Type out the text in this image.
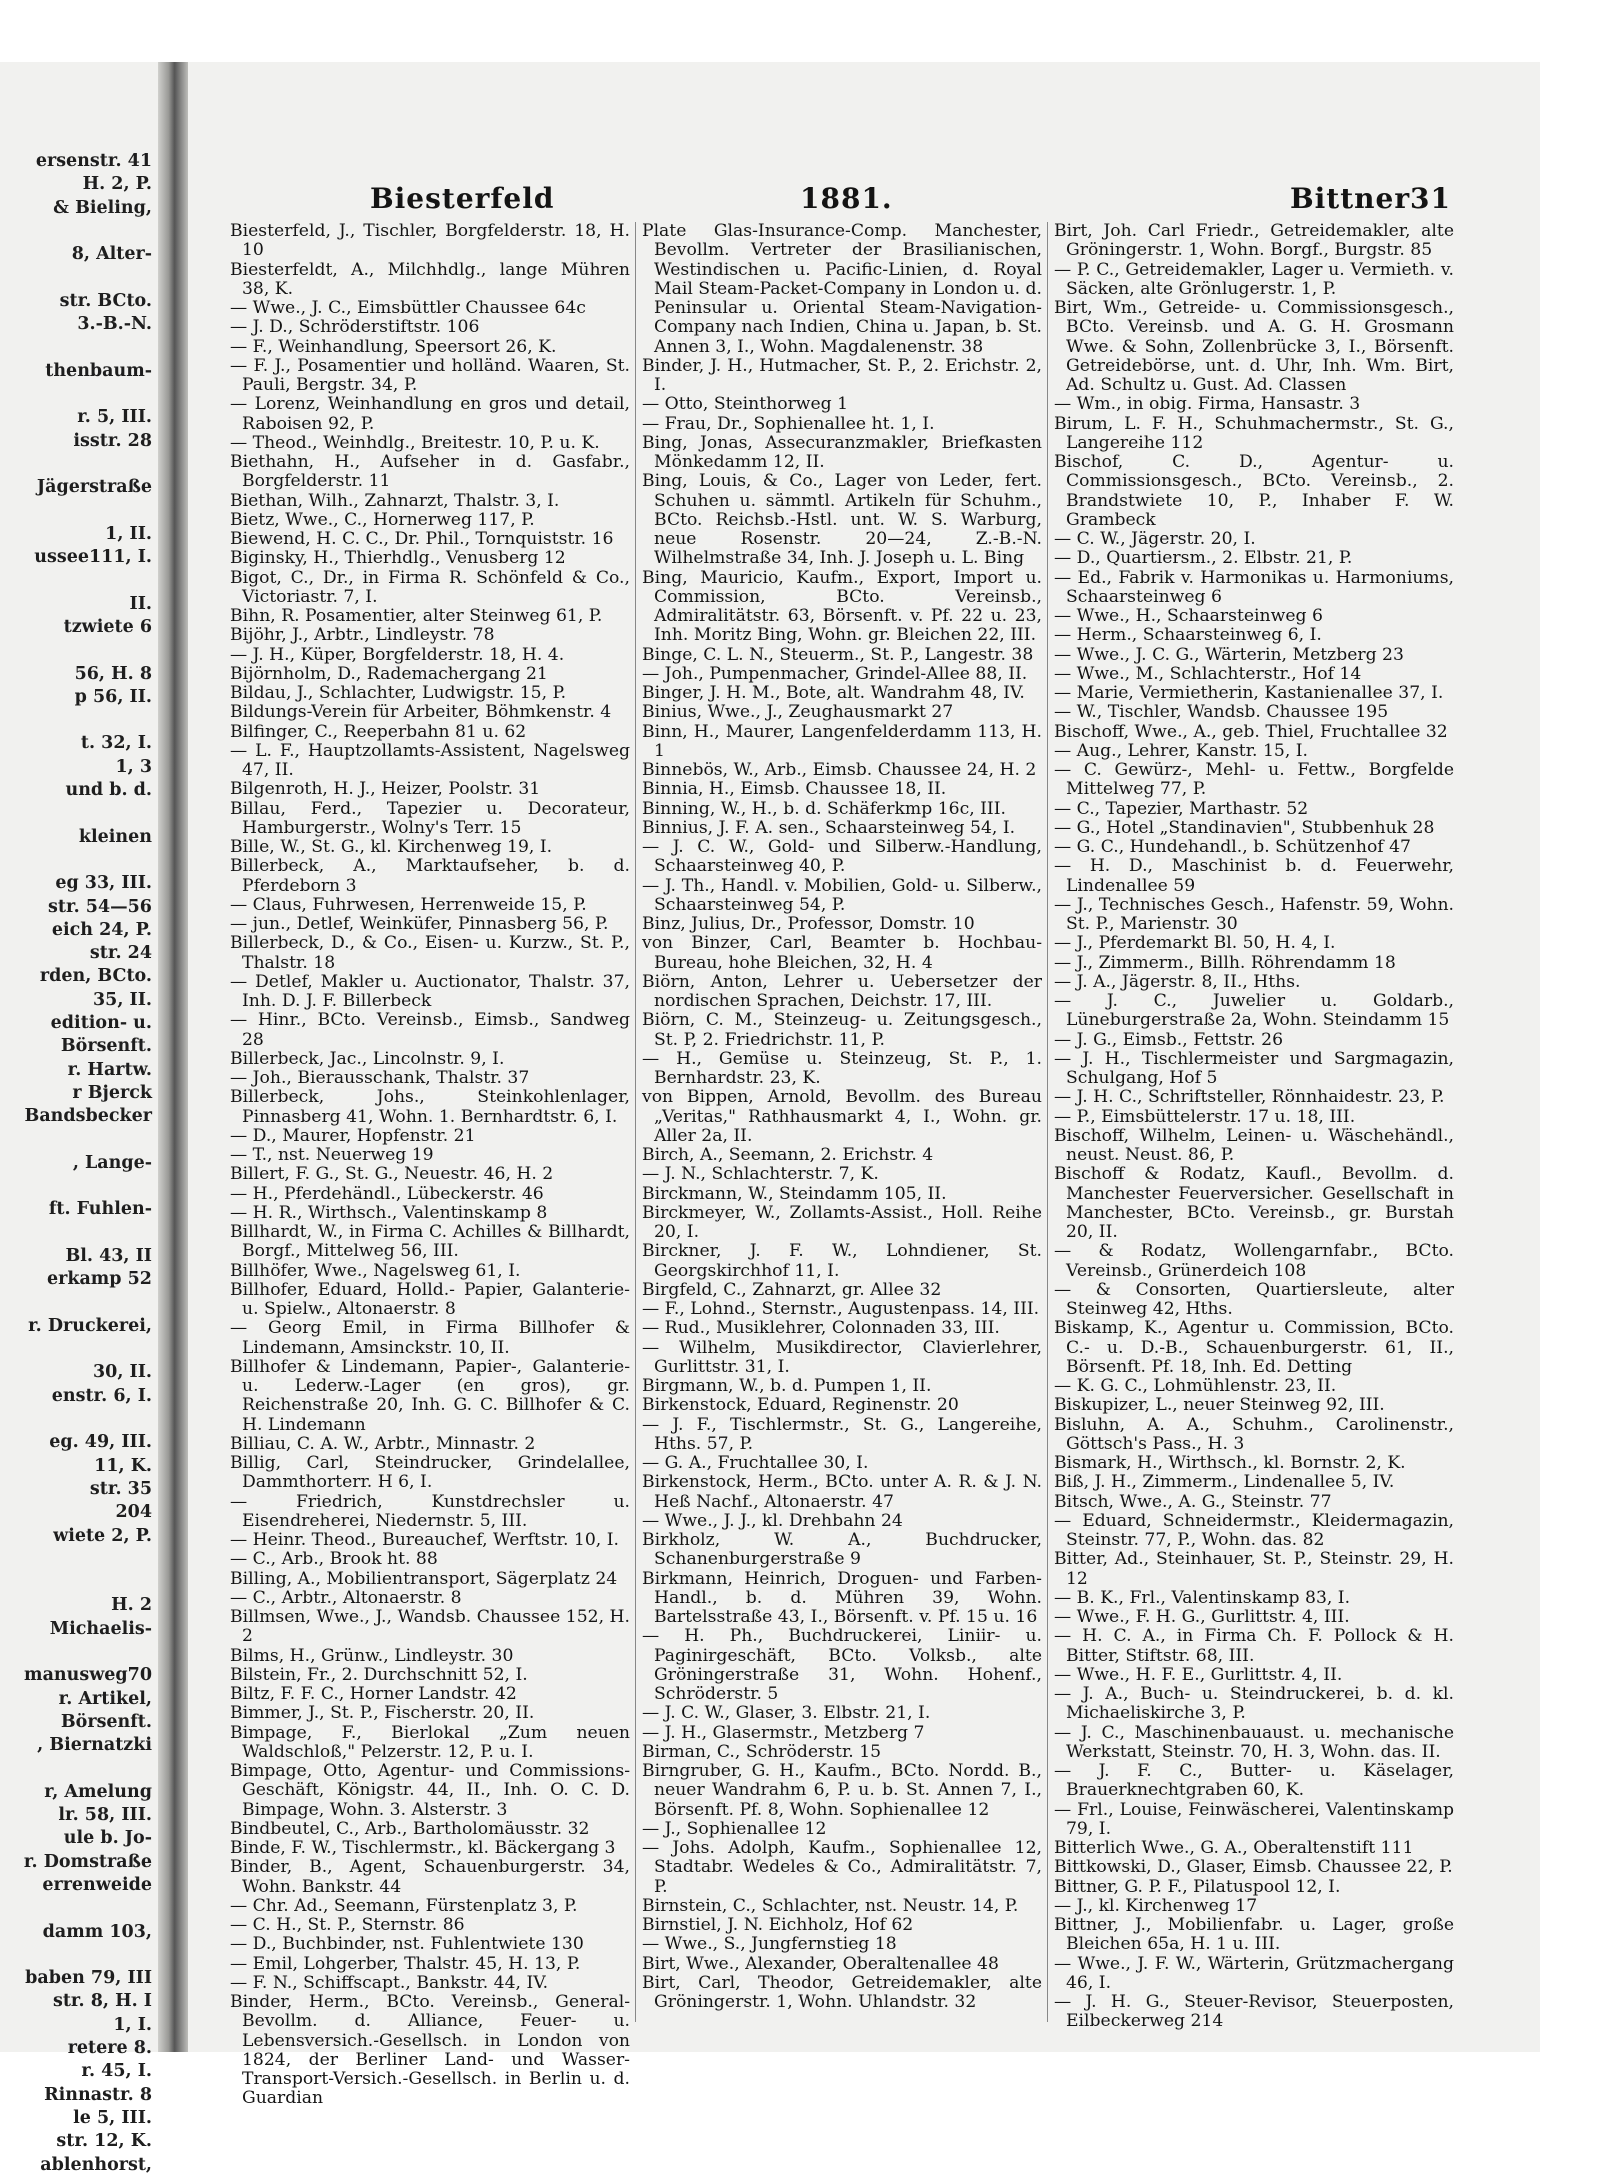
ersenstr. 41
H. 2, P.
& Bieling,
8, Alter-
str. BCto.
3.-B.-N.
thenbaum-
r. 5, III.
isstr. 28
Jägerstraße
1, II.
ussee111, I.
II.
tzwiete 6
56, H. 8
p 56, II.
t. 32, I.
1, 3
und b. d.
kleinen
eg 33, III.
str. 54—56
eich 24, P.
str. 24
rden, BCto.
35, II.
edition- u.
Börsenft.
r. Hartw.
r Bjerck
Bandsbecker
, Lange-
ft. Fuhlen-
Bl. 43, II
erkamp 52
r. Druckerei,
30, II.
enstr. 6, I.
eg. 49, III.
11, K.
str. 35
204
wiete 2, P.
H. 2
Michaelis-
manusweg70
r. Artikel,
Börsenft.
, Biernatzki
r, Amelung
lr. 58, III.
ule b. Jo-
r. Domstraße
errenweide
damm 103,
baben 79, III
str. 8, H. I
1, I.
retere 8.
r. 45, I.
Rinnastr. 8
le 5, III.
str. 12, K.
ablenhorst,
Biesterfeld	1881.	Bittner 31
Biesterfeld, J., Tischler, Borgfelderstr. 18, H. 10
Biesterfeldt, A., Milchhdlg., lange Mühren 38, K.
— Wwe., J. C., Eimsbüttler Chaussee 64c
— J. D., Schröderstiftstr. 106
— F., Weinhandlung, Speersort 26, K.
— F. J., Posamentier und holländ. Waaren, St. Pauli, Bergstr. 34, P.
— Lorenz, Weinhandlung en gros und detail, Raboisen 92, P.
— Theod., Weinhdlg., Breitestr. 10, P. u. K.
Biethahn, H., Aufseher in d. Gasfabr., Borgfelderstr. 11
Biethan, Wilh., Zahnarzt, Thalstr. 3, I.
Bietz, Wwe., C., Hornerweg 117, P.
Biewend, H. C. C., Dr. Phil., Tornquiststr. 16
Biginsky, H., Thierhdlg., Venusberg 12
Bigot, C., Dr., in Firma R. Schönfeld & Co., Victoriastr. 7, I.
Bihn, R. Posamentier, alter Steinweg 61, P.
Bijöhr, J., Arbtr., Lindleystr. 78
— J. H., Küper, Borgfelderstr. 18, H. 4.
Bijörnholm, D., Rademachergang 21
Bildau, J., Schlachter, Ludwigstr. 15, P.
Bildungs-Verein für Arbeiter, Böhmkenstr. 4
Bilfinger, C., Reeperbahn 81 u. 62
— L. F., Hauptzollamts-Assistent, Nagelsweg 47, II.
Bilgenroth, H. J., Heizer, Poolstr. 31
Billau, Ferd., Tapezier u. Decorateur, Hamburgerstr., Wolny's Terr. 15
Bille, W., St. G., kl. Kirchenweg 19, I.
Billerbeck, A., Marktaufseher, b. d. Pferdeborn 3
— Claus, Fuhrwesen, Herrenweide 15, P.
— jun., Detlef, Weinküfer, Pinnasberg 56, P.
Billerbeck, D., & Co., Eisen- u. Kurzw., St. P., Thalstr. 18
— Detlef, Makler u. Auctionator, Thalstr. 37, Inh. D. J. F. Billerbeck
— Hinr., BCto. Vereinsb., Eimsb., Sandweg 28
Billerbeck, Jac., Lincolnstr. 9, I.
— Joh., Bierausschank, Thalstr. 37
Billerbeck, Johs., Steinkohlenlager, Pinnasberg 41, Wohn. 1. Bernhardtstr. 6, I.
— D., Maurer, Hopfenstr. 21
— T., nst. Neuerweg 19
Billert, F. G., St. G., Neuestr. 46, H. 2
— H., Pferdehändl., Lübeckerstr. 46
— H. R., Wirthsch., Valentinskamp 8
Billhardt, W., in Firma C. Achilles & Billhardt, Borgf., Mittelweg 56, III.
Billhöfer, Wwe., Nagelsweg 61, I.
Billhofer, Eduard, Holld.- Papier, Galanterie- u. Spielw., Altonaerstr. 8
— Georg Emil, in Firma Billhofer & Lindemann, Amsinckstr. 10, II.
Billhofer & Lindemann, Papier-, Galanterie- u. Lederw.-Lager (en gros), gr. Reichenstraße 20, Inh. G. C. Billhofer & C. H. Lindemann
Billiau, C. A. W., Arbtr., Minnastr. 2
Billig, Carl, Steindrucker, Grindelallee, Dammthorterr. H 6, I.
— Friedrich, Kunstdrechsler u. Eisendreherei, Niedernstr. 5, III.
— Heinr. Theod., Bureauchef, Werftstr. 10, I.
— C., Arb., Brook ht. 88
Billing, A., Mobilientransport, Sägerplatz 24
— C., Arbtr., Altonaerstr. 8
Billmsen, Wwe., J., Wandsb. Chaussee 152, H. 2
Bilms, H., Grünw., Lindleystr. 30
Bilstein, Fr., 2. Durchschnitt 52, I.
Biltz, F. F. C., Horner Landstr. 42
Bimmer, J., St. P., Fischerstr. 20, II.
Bimpage, F., Bierlokal „Zum neuen Waldschloß," Pelzerstr. 12, P. u. I.
Bimpage, Otto, Agentur- und Commissions-Geschäft, Königstr. 44, II., Inh. O. C. D. Bimpage, Wohn. 3. Alsterstr. 3
Bindbeutel, C., Arb., Bartholomäusstr. 32
Binde, F. W., Tischlermstr., kl. Bäckergang 3
Binder, B., Agent, Schauenburgerstr. 34, Wohn. Bankstr. 44
— Chr. Ad., Seemann, Fürstenplatz 3, P.
— C. H., St. P., Sternstr. 86
— D., Buchbinder, nst. Fuhlentwiete 130
— Emil, Lohgerber, Thalstr. 45, H. 13, P.
— F. N., Schiffscapt., Bankstr. 44, IV.
Binder, Herm., BCto. Vereinsb., General-Bevollm. d. Alliance, Feuer- u. Lebensversich.-Gesellsch. in London von 1824, der Berliner Land- und Wasser-Transport-Versich.-Gesellsch. in Berlin u. d. Guardian
Plate Glas-Insurance-Comp. Manchester, Bevollm. Vertreter der Brasilianischen, Westindischen u. Pacific-Linien, d. Royal Mail Steam-Packet-Company in London u. d. Peninsular u. Oriental Steam-Navigation-Company nach Indien, China u. Japan, b. St. Annen 3, I., Wohn. Magdalenenstr. 38
Binder, J. H., Hutmacher, St. P., 2. Erichstr. 2, I.
— Otto, Steinthorweg 1
— Frau, Dr., Sophienallee ht. 1, I.
Bing, Jonas, Assecuranzmakler, Briefkasten Mönkedamm 12, II.
Bing, Louis, & Co., Lager von Leder, fert. Schuhen u. sämmtl. Artikeln für Schuhm., BCto. Reichsb.-Hstl. unt. W. S. Warburg, neue Rosenstr. 20—24, Z.-B.-N. Wilhelmstraße 34, Inh. J. Joseph u. L. Bing
Bing, Mauricio, Kaufm., Export, Import u. Commission, BCto. Vereinsb., Admiralitätstr. 63, Börsenft. v. Pf. 22 u. 23, Inh. Moritz Bing, Wohn. gr. Bleichen 22, III.
Binge, C. L. N., Steuerm., St. P., Langestr. 38
— Joh., Pumpenmacher, Grindel-Allee 88, II.
Binger, J. H. M., Bote, alt. Wandrahm 48, IV.
Binius, Wwe., J., Zeughausmarkt 27
Binn, H., Maurer, Langenfelderdamm 113, H. 1
Binnebös, W., Arb., Eimsb. Chaussee 24, H. 2
Binnia, H., Eimsb. Chaussee 18, II.
Binning, W., H., b. d. Schäferkmp 16c, III.
Binnius, J. F. A. sen., Schaarsteinweg 54, I.
— J. C. W., Gold- und Silberw.-Handlung, Schaarsteinweg 40, P.
— J. Th., Handl. v. Mobilien, Gold- u. Silberw., Schaarsteinweg 54, P.
Binz, Julius, Dr., Professor, Domstr. 10
von Binzer, Carl, Beamter b. Hochbau-Bureau, hohe Bleichen, 32, H. 4
Biörn, Anton, Lehrer u. Uebersetzer der nordischen Sprachen, Deichstr. 17, III.
Biörn, C. M., Steinzeug- u. Zeitungsgesch., St. P, 2. Friedrichstr. 11, P.
— H., Gemüse u. Steinzeug, St. P., 1. Bernhardstr. 23, K.
von Bippen, Arnold, Bevollm. des Bureau „Veritas," Rathhausmarkt 4, I., Wohn. gr. Aller 2a, II.
Birch, A., Seemann, 2. Erichstr. 4
— J. N., Schlachterstr. 7, K.
Birckmann, W., Steindamm 105, II.
Birckmeyer, W., Zollamts-Assist., Holl. Reihe 20, I.
Birckner, J. F. W., Lohndiener, St. Georgskirchhof 11, I.
Birgfeld, C., Zahnarzt, gr. Allee 32
— F., Lohnd., Sternstr., Augustenpass. 14, III.
— Rud., Musiklehrer, Colonnaden 33, III.
— Wilhelm, Musikdirector, Clavierlehrer, Gurlittstr. 31, I.
Birgmann, W., b. d. Pumpen 1, II.
Birkenstock, Eduard, Reginenstr. 20
— J. F., Tischlermstr., St. G., Langereihe, Hths. 57, P.
— G. A., Fruchtallee 30, I.
Birkenstock, Herm., BCto. unter A. R. & J. N. Heß Nachf., Altonaerstr. 47
— Wwe., J. J., kl. Drehbahn 24
Birkholz, W. A., Buchdrucker, Schanenburgerstraße 9
Birkmann, Heinrich, Droguen- und Farben-Handl., b. d. Mühren 39, Wohn. Bartelsstraße 43, I., Börsenft. v. Pf. 15 u. 16
— H. Ph., Buchdruckerei, Liniir- u. Paginirgeschäft, BCto. Volksb., alte Gröningerstraße 31, Wohn. Hohenf., Schröderstr. 5
— J. C. W., Glaser, 3. Elbstr. 21, I.
— J. H., Glasermstr., Metzberg 7
Birman, C., Schröderstr. 15
Birngruber, G. H., Kaufm., BCto. Nordd. B., neuer Wandrahm 6, P. u. b. St. Annen 7, I., Börsenft. Pf. 8, Wohn. Sophienallee 12
— J., Sophienallee 12
— Johs. Adolph, Kaufm., Sophienallee 12, Stadtabr. Wedeles & Co., Admiralitätstr. 7, P.
Birnstein, C., Schlachter, nst. Neustr. 14, P.
Birnstiel, J. N. Eichholz, Hof 62
— Wwe., S., Jungfernstieg 18
Birt, Wwe., Alexander, Oberaltenallee 48
Birt, Carl, Theodor, Getreidemakler, alte Gröningerstr. 1, Wohn. Uhlandstr. 32
Birt, Joh. Carl Friedr., Getreidemakler, alte Gröningerstr. 1, Wohn. Borgf., Burgstr. 85
— P. C., Getreidemakler, Lager u. Vermieth. v. Säcken, alte Grönlugerstr. 1, P.
Birt, Wm., Getreide- u. Commissionsgesch., BCto. Vereinsb. und A. G. H. Grosmann Wwe. & Sohn, Zollenbrücke 3, I., Börsenft. Getreidebörse, unt. d. Uhr, Inh. Wm. Birt, Ad. Schultz u. Gust. Ad. Classen
— Wm., in obig. Firma, Hansastr. 3
Birum, L. F. H., Schuhmachermstr., St. G., Langereihe 112
Bischof, C. D., Agentur- u. Commissionsgesch., BCto. Vereinsb., 2. Brandstwiete 10, P., Inhaber F. W. Grambeck
— C. W., Jägerstr. 20, I.
— D., Quartiersm., 2. Elbstr. 21, P.
— Ed., Fabrik v. Harmonikas u. Harmoniums, Schaarsteinweg 6
— Wwe., H., Schaarsteinweg 6
— Herm., Schaarsteinweg 6, I.
— Wwe., J. C. G., Wärterin, Metzberg 23
— Wwe., M., Schlachterstr., Hof 14
— Marie, Vermietherin, Kastanienallee 37, I.
— W., Tischler, Wandsb. Chaussee 195
Bischoff, Wwe., A., geb. Thiel, Fruchtallee 32
— Aug., Lehrer, Kanstr. 15, I.
— C. Gewürz-, Mehl- u. Fettw., Borgfelde Mittelweg 77, P.
— C., Tapezier, Marthastr. 52
— G., Hotel „Standinavien", Stubbenhuk 28
— G. C., Hundehandl., b. Schützenhof 47
— H. D., Maschinist b. d. Feuerwehr, Lindenallee 59
— J., Technisches Gesch., Hafenstr. 59, Wohn. St. P., Marienstr. 30
— J., Pferdemarkt Bl. 50, H. 4, I.
— J., Zimmerm., Billh. Röhrendamm 18
— J. A., Jägerstr. 8, II., Hths.
— J. C., Juwelier u. Goldarb., Lüneburgerstraße 2a, Wohn. Steindamm 15
— J. G., Eimsb., Fettstr. 26
— J. H., Tischlermeister und Sargmagazin, Schulgang, Hof 5
— J. H. C., Schriftsteller, Rönnhaidestr. 23, P.
— P., Eimsbüttelerstr. 17 u. 18, III.
Bischoff, Wilhelm, Leinen- u. Wäschehändl., neust. Neust. 86, P.
Bischoff & Rodatz, Kaufl., Bevollm. d. Manchester Feuerversicher. Gesellschaft in Manchester, BCto. Vereinsb., gr. Burstah 20, II.
— & Rodatz, Wollengarnfabr., BCto. Vereinsb., Grünerdeich 108
— & Consorten, Quartiersleute, alter Steinweg 42, Hths.
Biskamp, K., Agentur u. Commission, BCto. C.- u. D.-B., Schauenburgerstr. 61, II., Börsenft. Pf. 18, Inh. Ed. Detting
— K. G. C., Lohmühlenstr. 23, II.
Biskupizer, L., neuer Steinweg 92, III.
Bisluhn, A. A., Schuhm., Carolinenstr., Göttsch's Pass., H. 3
Bismark, H., Wirthsch., kl. Bornstr. 2, K.
Biß, J. H., Zimmerm., Lindenallee 5, IV.
Bitsch, Wwe., A. G., Steinstr. 77
— Eduard, Schneidermstr., Kleidermagazin, Steinstr. 77, P., Wohn. das. 82
Bitter, Ad., Steinhauer, St. P., Steinstr. 29, H. 12
— B. K., Frl., Valentinskamp 83, I.
— Wwe., F. H. G., Gurlittstr. 4, III.
— H. C. A., in Firma Ch. F. Pollock & H. Bitter, Stiftstr. 68, III.
— Wwe., H. F. E., Gurlittstr. 4, II.
— J. A., Buch- u. Steindruckerei, b. d. kl. Michaeliskirche 3, P.
— J. C., Maschinenbauaust. u. mechanische Werkstatt, Steinstr. 70, H. 3, Wohn. das. II.
— J. F. C., Butter- u. Käselager, Brauerknechtgraben 60, K.
— Frl., Louise, Feinwäscherei, Valentinskamp 79, I.
Bitterlich Wwe., G. A., Oberaltenstift 111
Bittkowski, D., Glaser, Eimsb. Chaussee 22, P.
Bittner, G. P. F., Pilatuspool 12, I.
— J., kl. Kirchenweg 17
Bittner, J., Mobilienfabr. u. Lager, große Bleichen 65a, H. 1 u. III.
— Wwe., J. F. W., Wärterin, Grützmachergang 46, I.
— J. H. G., Steuer-Revisor, Steuerposten, Eilbeckerweg 214
